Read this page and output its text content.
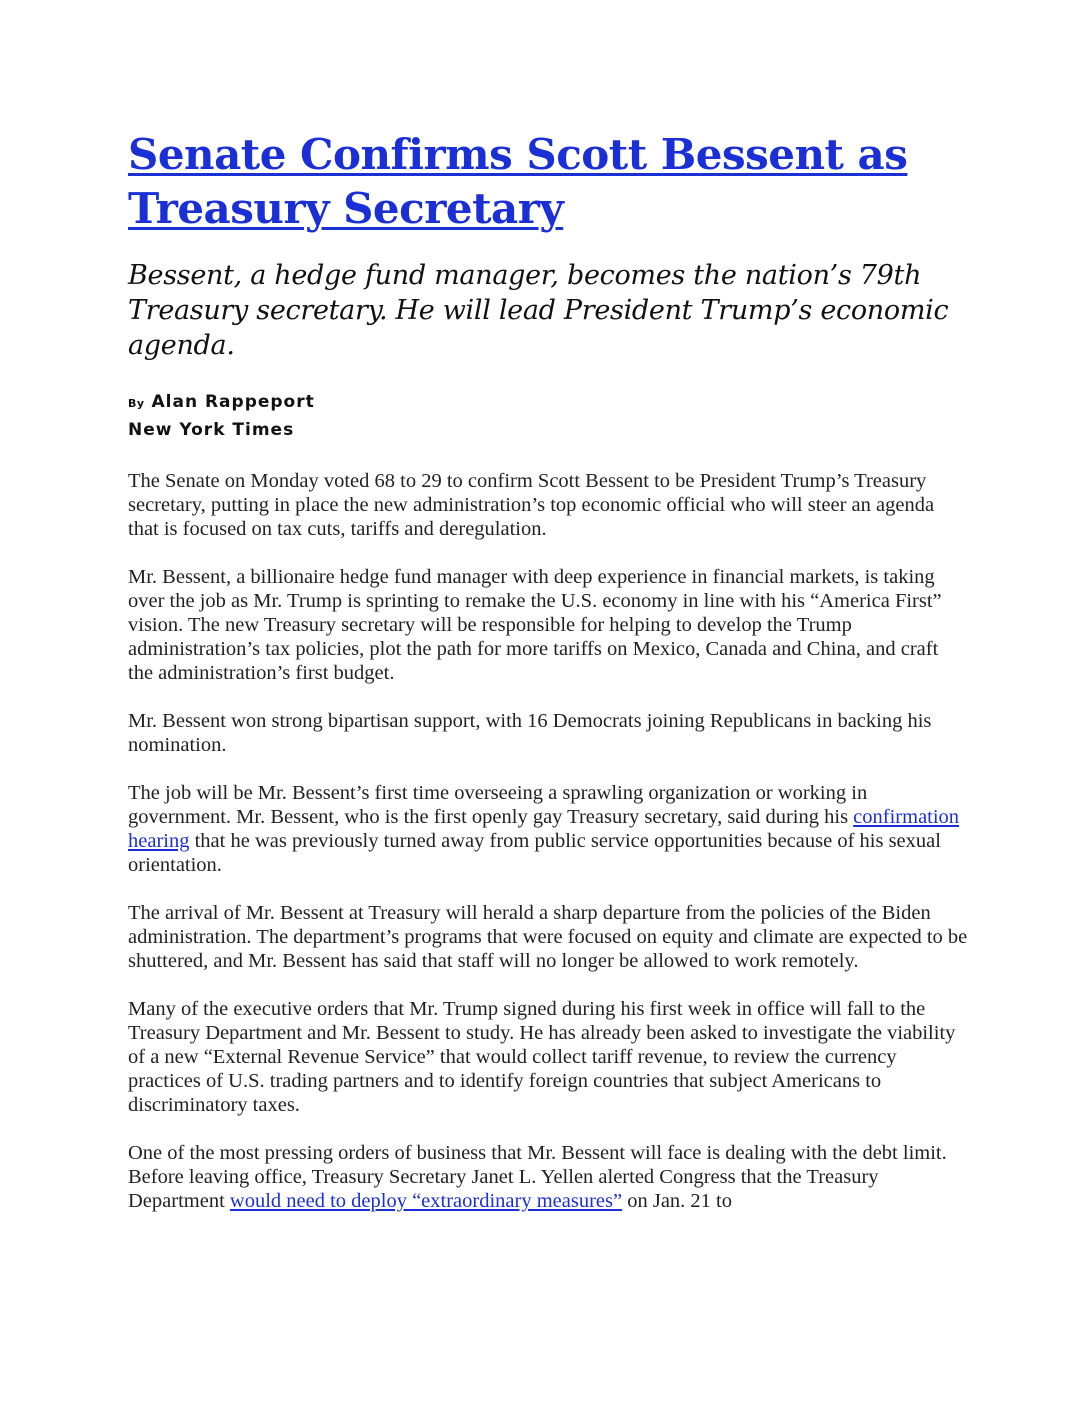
Senate Confirms Scott Bessent as Treasury Secretary
Bessent, a hedge fund manager, becomes the nation’s 79th Treasury secretary. He will lead President Trump’s economic agenda.
By Alan Rappeport
New York Times

The Senate on Monday voted 68 to 29 to confirm Scott Bessent to be President Trump’s Treasury secretary, putting in place the new administration’s top economic official who will steer an agenda that is focused on tax cuts, tariffs and deregulation.

Mr. Bessent, a billionaire hedge fund manager with deep experience in financial markets, is taking over the job as Mr. Trump is sprinting to remake the U.S. economy in line with his “America First” vision. The new Treasury secretary will be responsible for helping to develop the Trump administration’s tax policies, plot the path for more tariffs on Mexico, Canada and China, and craft the administration’s first budget.

Mr. Bessent won strong bipartisan support, with 16 Democrats joining Republicans in backing his nomination.

The job will be Mr. Bessent’s first time overseeing a sprawling organization or working in government. Mr. Bessent, who is the first openly gay Treasury secretary, said during his confirmation hearing that he was previously turned away from public service opportunities because of his sexual orientation.

The arrival of Mr. Bessent at Treasury will herald a sharp departure from the policies of the Biden administration. The department’s programs that were focused on equity and climate are expected to be shuttered, and Mr. Bessent has said that staff will no longer be allowed to work remotely.

Many of the executive orders that Mr. Trump signed during his first week in office will fall to the Treasury Department and Mr. Bessent to study. He has already been asked to investigate the viability of a new “External Revenue Service” that would collect tariff revenue, to review the currency practices of U.S. trading partners and to identify foreign countries that subject Americans to discriminatory taxes.

One of the most pressing orders of business that Mr. Bessent will face is dealing with the debt limit. Before leaving office, Treasury Secretary Janet L. Yellen alerted Congress that the Treasury Department would need to deploy “extraordinary measures” on Jan. 21 to
